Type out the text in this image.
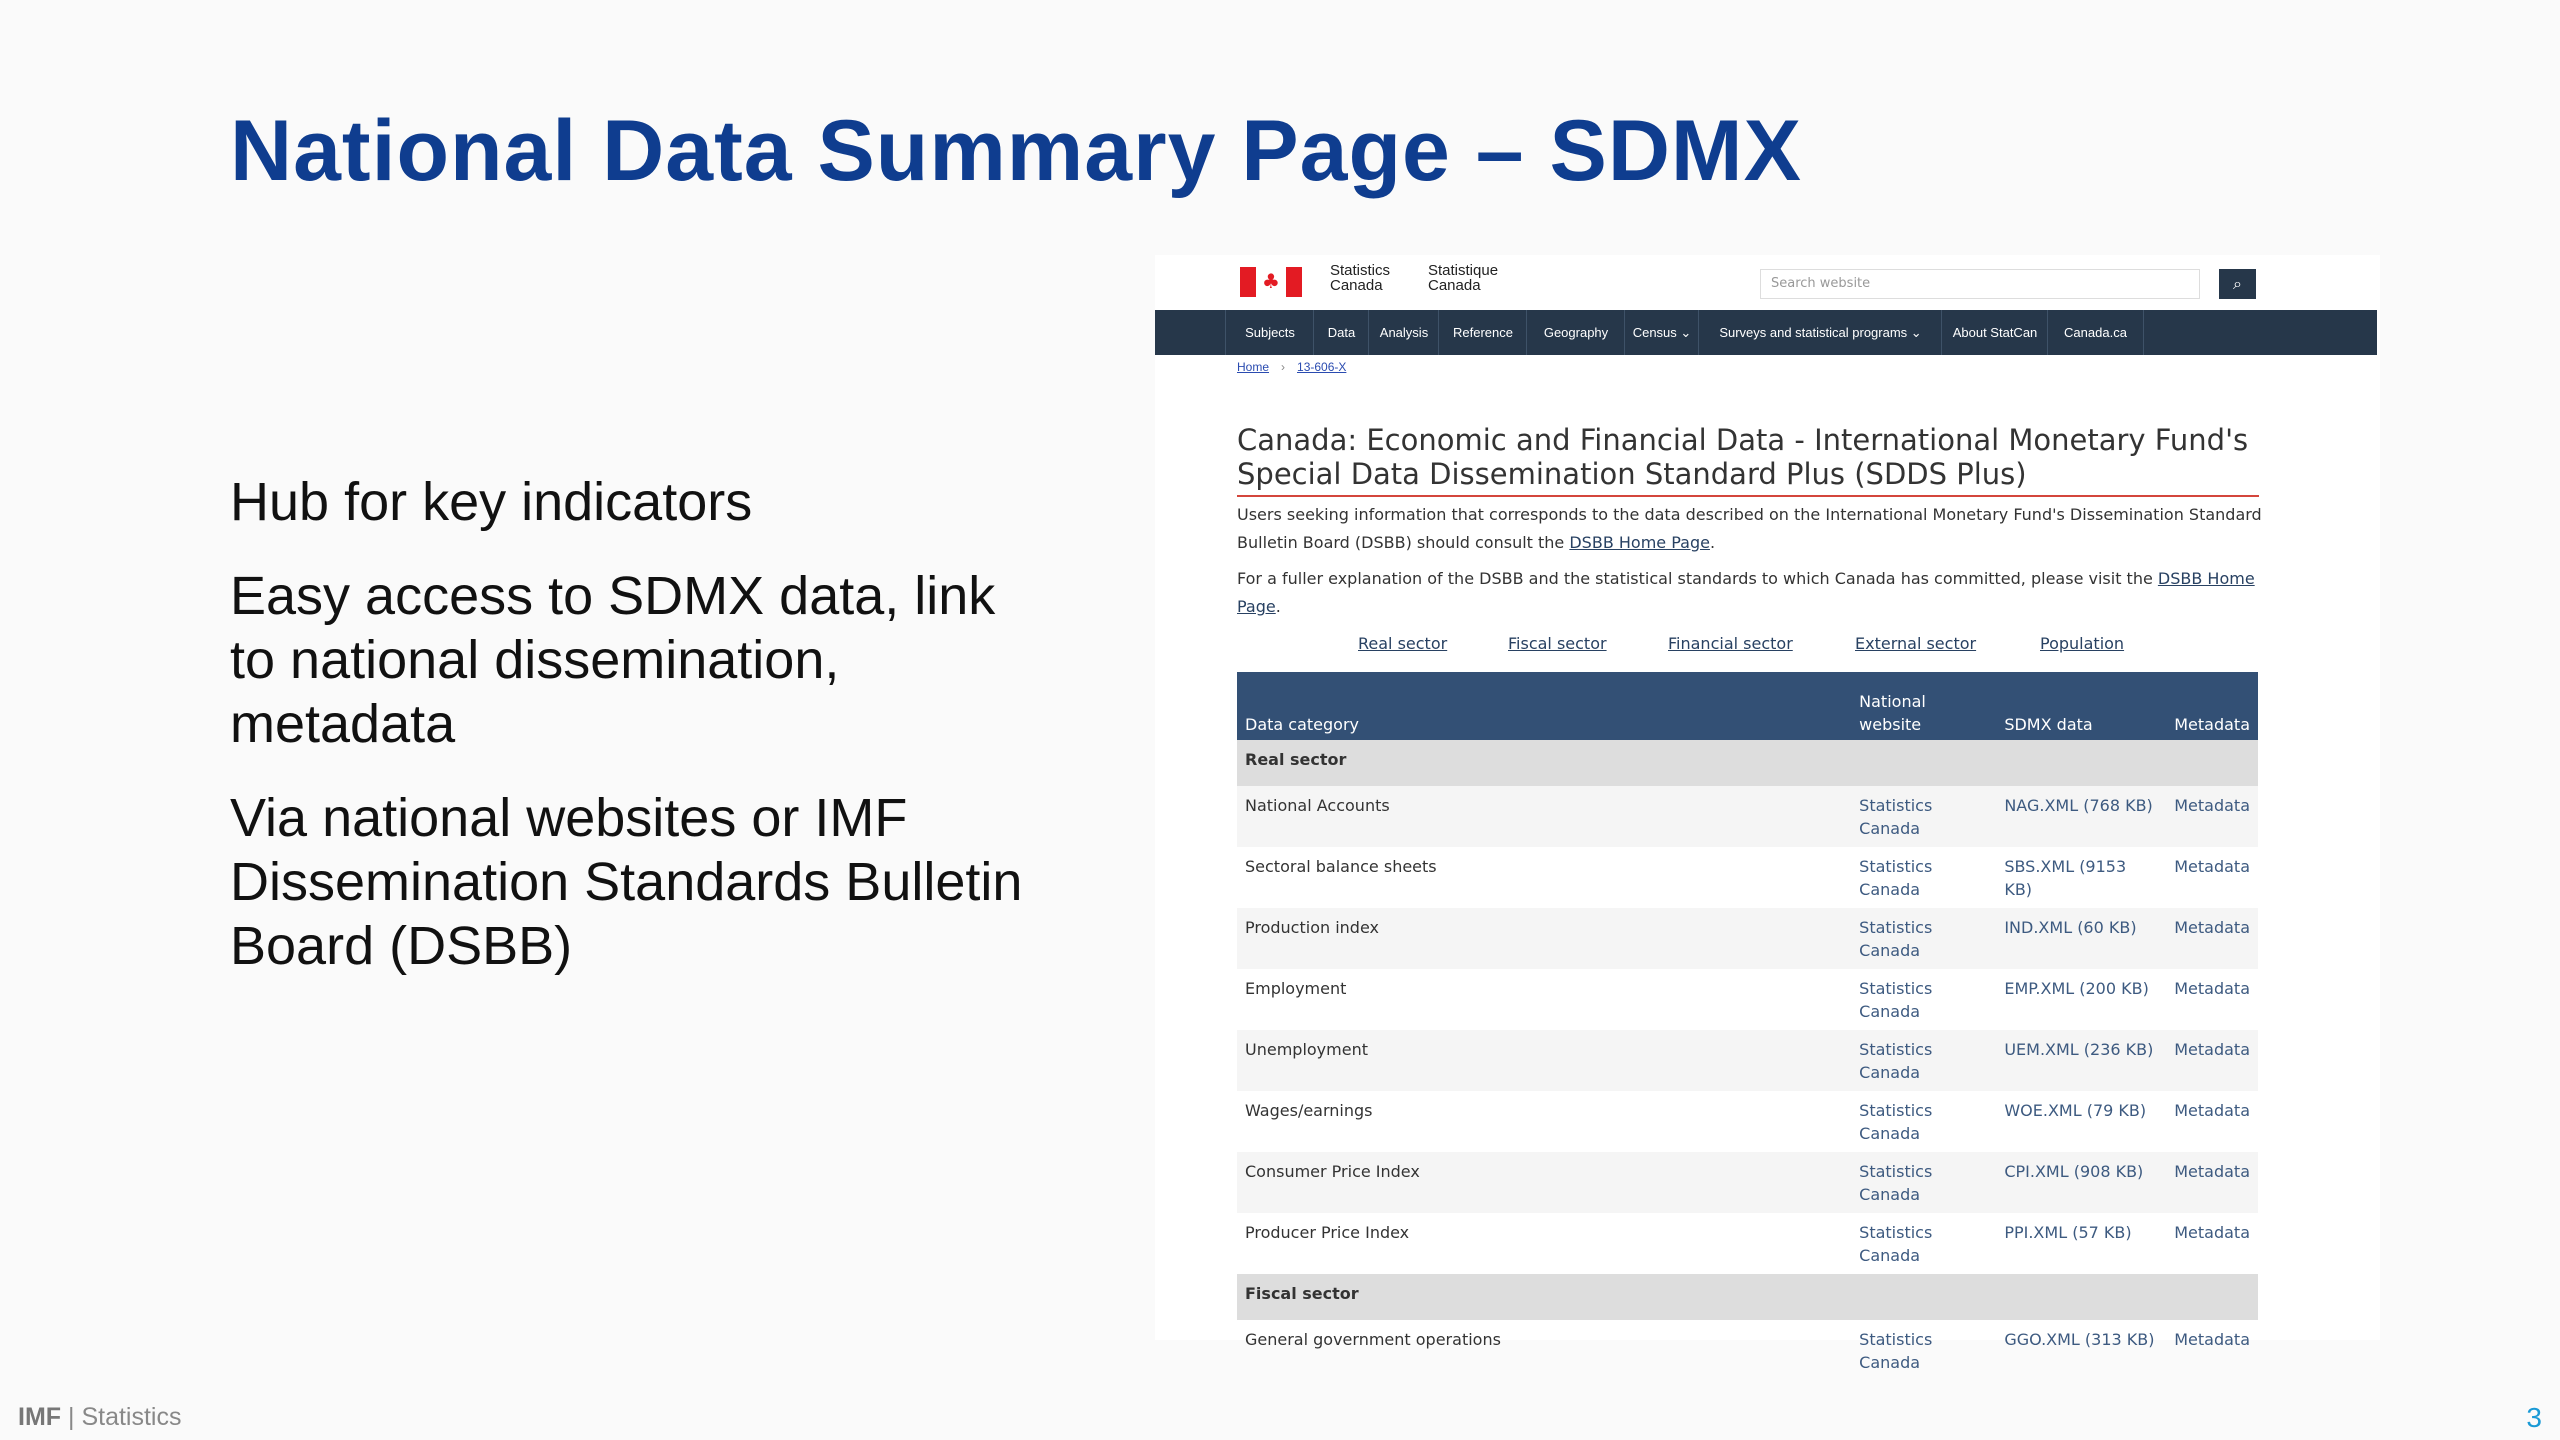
National Data Summary Page – SDMX

Hub for key indicators

Easy access to SDMX data, link to national dissemination, metadata

Via national websites or IMF Dissemination Standards Bulletin Board (DSBB)

♣	Statistics
Canada
Statistique
Canada	Search website	⌕
Subjects	Data	Analysis	Reference	Geography	Census ⌄	Surveys and statistical programs ⌄	About StatCan	Canada.ca
Home › 13-606-X
Canada: Economic and Financial Data - International Monetary Fund's Special Data Dissemination Standard Plus (SDDS Plus)

Users seeking information that corresponds to the data described on the International Monetary Fund's Dissemination Standard Bulletin Board (DSBB) should consult the DSBB Home Page.

For a fuller explanation of the DSBB and the statistical standards to which Canada has committed, please visit the DSBB Home Page.

Real sector	Fiscal sector	Financial sector	External sector	Population
Data category	National website	SDMX data	Metadata
Real sector			
National Accounts	Statistics Canada	NAG.XML (768 KB)	Metadata
Sectoral balance sheets	Statistics Canada	SBS.XML (9153 KB)	Metadata
Production index	Statistics Canada	IND.XML (60 KB)	Metadata
Employment	Statistics Canada	EMP.XML (200 KB)	Metadata
Unemployment	Statistics Canada	UEM.XML (236 KB)	Metadata
Wages/earnings	Statistics Canada	WOE.XML (79 KB)	Metadata
Consumer Price Index	Statistics Canada	CPI.XML (908 KB)	Metadata
Producer Price Index	Statistics Canada	PPI.XML (57 KB)	Metadata
Fiscal sector			
General government operations	Statistics Canada	GGO.XML (313 KB)	Metadata
IMF | Statistics	3
